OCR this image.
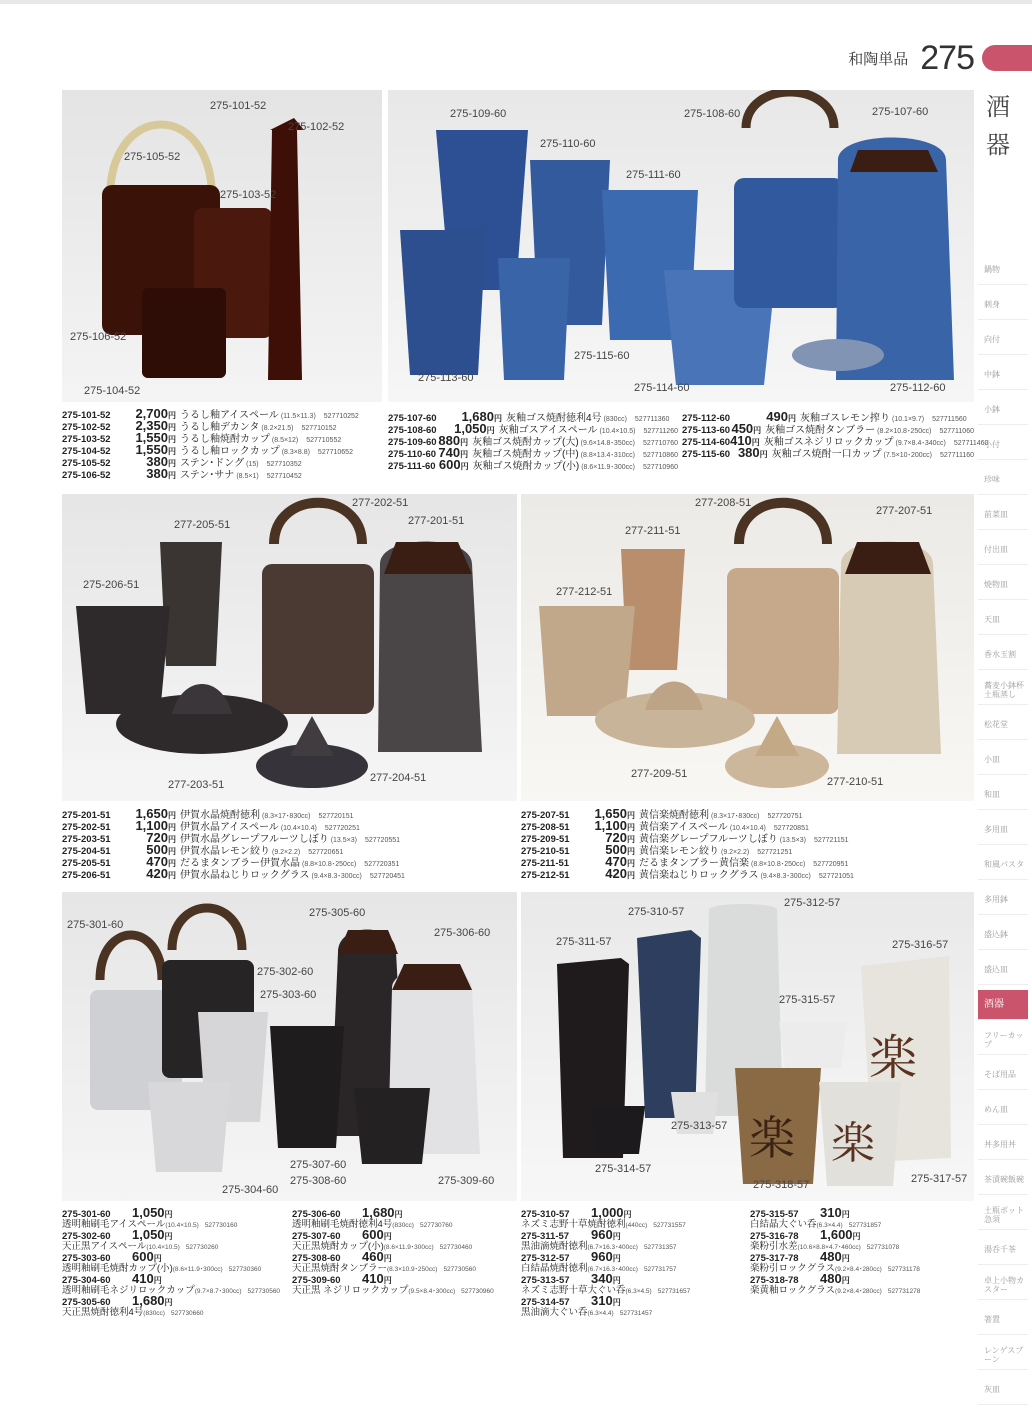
和陶単品 275
酒
器
鍋物
刺身
向付
中鉢
小鉢
小付
珍味
前菜皿
付出皿
焼物皿
天皿
香水玉割
蕎麦小鉢杯土瓶蒸し
松花堂
小皿
和皿
多用皿
和風パスタ
多用鉢
盛込鉢
盛込皿
酒器
フリーカップ
そば用品
めん皿
丼多用丼
茶漬碗飯碗
土瓶ポット急須
湯呑千茶
卓上小物カスター
箸置
レンゲスプーン
灰皿
275-101-52
275-102-52
275-105-52
275-103-52
275-106-52
275-104-52
275-109-60	275-108-60	275-107-60
275-110-60
275-111-60
275-115-60
275-113-60
275-114-60	275-112-60
275-101-52	2,700円 うるし釉アイスペール (11.5×11.3) 527710252
275-102-52	2,350円 うるし釉デカンタ (8.2×21.5) 527710152
275-103-52	1,550円 うるし釉焼酎カップ (8.5×12) 527710552
275-104-52	1,550円 うるし釉ロックカップ (8.3×8.8) 527710652
275-105-52	380円 ステン･ドング (15) 527710352
275-106-52	380円 ステン･サナ (8.5×1) 527710452
275-107-60	1,680円 灰釉ゴス焼酎徳利4号 (830cc) 527711360
275-108-60	1,050円 灰釉ゴスアイスペール (10.4×10.5) 527711260
275-109-60 880円 灰釉ゴス焼酎カップ(大) (9.6×14.8･350cc) 527710760
275-110-60 740円 灰釉ゴス焼酎カップ(中) (8.8×13.4･310cc) 527710860
275-111-60 600円 灰釉ゴス焼酎カップ(小) (8.6×11.9･300cc) 527710960
275-112-60	490円 灰釉ゴスレモン搾り (10.1×9.7) 527711560
275-113-60 450円 灰釉ゴス焼酎タンブラー (8.2×10.8･250cc) 527711060
275-114-60 410円 灰釉ゴスネジリロックカップ (9.7×8.4･340cc) 527711460
275-115-60 380円 灰釉ゴス焼酎一口カップ (7.5×10･200cc) 527711160
277-202-51
277-205-51	277-201-51
275-206-51
277-203-51
277-204-51
277-208-51
277-207-51
277-211-51
277-212-51
277-209-51
277-210-51
275-201-51	1,650円 伊賀水晶焼酎徳利 (8.3×17･830cc) 527720151
275-202-51	1,100円 伊賀水晶アイスペール (10.4×10.4) 527720251
275-203-51	720円 伊賀水晶グレープフルーツしぼり (13.5×3) 527720551
275-204-51	500円 伊賀水晶レモン絞り (9.2×2.2) 527720651
275-205-51	470円 だるまタンブラー伊賀水晶 (8.8×10.8･250cc) 527720351
275-206-51	420円 伊賀水晶ねじりロックグラス (9.4×8.3･300cc) 527720451
275-207-51	1,650円 黄信楽焼酎徳利 (8.3×17･830cc) 527720751
275-208-51	1,100円 黄信楽アイスペール (10.4×10.4) 527720851
275-209-51	720円 黄信楽グレープフルーツしぼり (13.5×3) 527721151
275-210-51	500円 黄信楽レモン絞り (9.2×2.2) 527721251
275-211-51	470円 だるまタンブラー黄信楽 (8.8×10.8･250cc) 527720951
275-212-51	420円 黄信楽ねじりロックグラス (9.4×8.3･300cc) 527721051
275-301-60
275-305-60
275-306-60
275-302-60
275-303-60
275-307-60
275-308-60	275-309-60
275-304-60
楽
楽 楽
275-310-57
275-312-57
275-311-57	275-316-57
275-315-57
275-313-57
275-314-57
275-318-57	275-317-57
275-301-60	1,050円
透明釉刷毛アイスペール(10.4×10.5) 527730160
275-302-60	1,050円
天正黒アイスペール(10.4×10.5) 527730260
275-303-60	600円
透明釉刷毛焼酎カップ(小)(8.6×11.9･300cc) 527730360
275-304-60	410円
透明釉刷毛ネジリロックカップ(9.7×8.7･300cc) 527730560
275-305-60	1,680円
天正黒焼酎徳利4号(830cc) 527730660
275-306-60	1,680円
透明釉刷毛焼酎徳利4号(830cc) 527730760
275-307-60	600円
天正黒焼酎カップ(小)(8.6×11.9･300cc) 527730460
275-308-60	460円
天正黒焼酎タンブラー(8.3×10.9･250cc) 527730560
275-309-60	410円
天正黒 ネジリロックカップ(9.5×8.4･300cc) 527730960
275-310-57	1,000円
ネズミ志野十草焼酎徳利(440cc) 527731557
275-311-57	960円
黒油滴焼酎徳利(6.7×16.3･400cc) 527731357
275-312-57	960円
白結晶焼酎徳利(6.7×16.3･400cc) 527731757
275-313-57	340円
ネズミ志野十草大ぐい呑(6.3×4.5) 527731657
275-314-57	310円
黒油滴大ぐい呑(6.3×4.4) 527731457
275-315-57	310円
白結晶大ぐい呑(6.3×4.4) 527731857
275-316-78	1,600円
楽粉引水差(10.6×8.8×4.7･460cc) 527731078
275-317-78	480円
楽粉引ロックグラス(9.2×8.4･280cc) 527731178
275-318-78	480円
楽黄釉ロックグラス(9.2×8.4･280cc) 527731278
